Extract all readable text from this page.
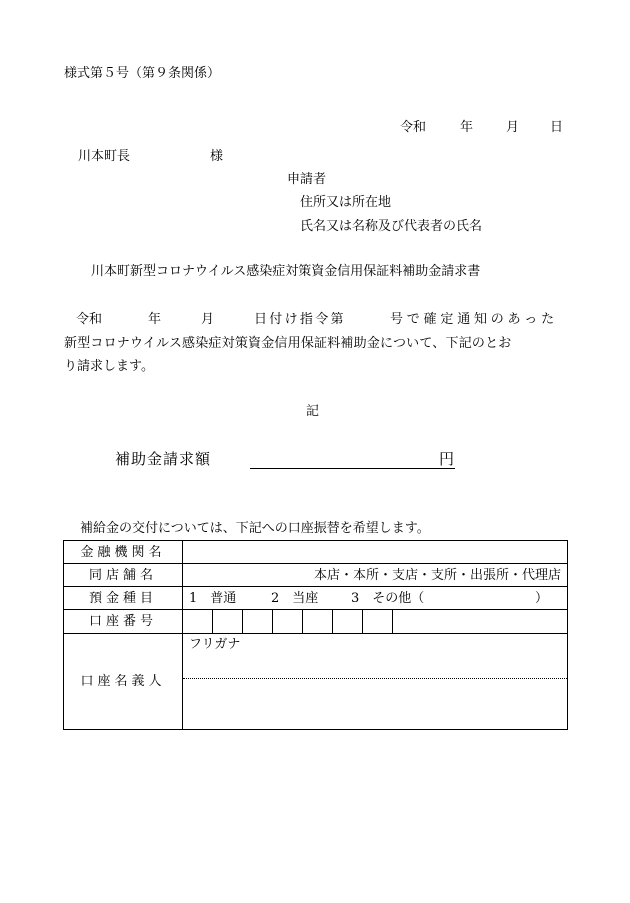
様式第５号（第９条関係）
令和	年	月 日
川本町長	様
申請者
住所又は所在地
氏名又は名称及び代表者の氏名
川本町新型コロナウイルス感染症対策資金信用保証料補助金請求書
令和	年	月	日付け指令第	号で確定通知のあった
新型コロナウイルス感染症対策資金信用保証料補助金について、下記のとお
り請求します。
記
補助金請求額	円
補給金の交付については、下記への口座振替を希望します。
金融機関名	
同店舗名	本店・本所・支店・支所・出張所・代理店
預金種目	1　普通 2　当座 3　その他（ ）

口座番号	

口座名義人	フリガナ
